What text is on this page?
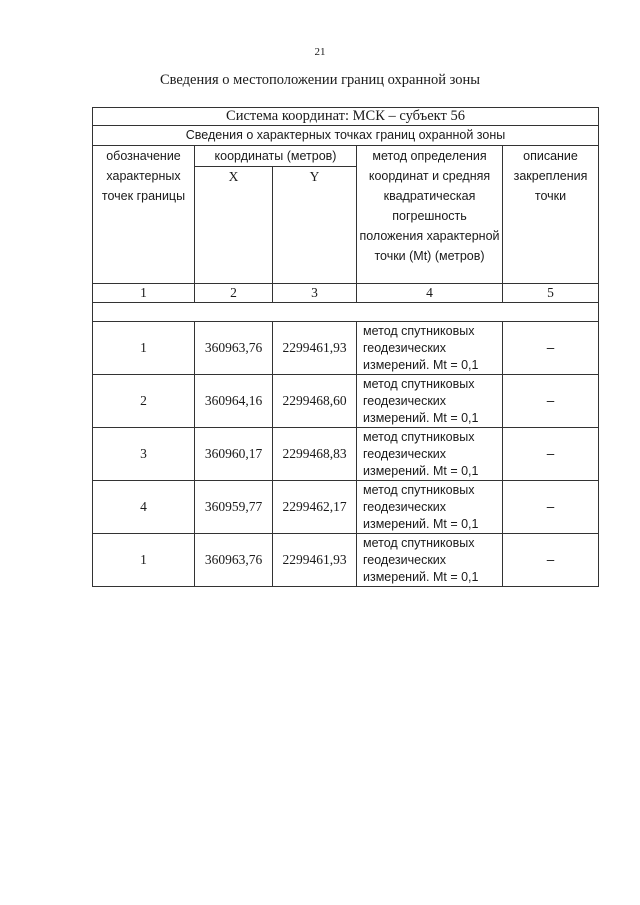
21
Сведения о местоположении границ охранной зоны
Система координат: МСК – субъект 56				
Сведения о характерных точках границ охранной зоны				
обозначение характерных точек границы	координаты (метров)		метод определения координат и средняя квадратическая погрешность положения характерной точки (Mt) (метров)	описание закрепления точки
	X	Y		
1	2	3	4	5

1	360963,76	2299461,93	метод спутниковых геодезических измерений. Mt = 0,1	–
2	360964,16	2299468,60	метод спутниковых геодезических измерений. Mt = 0,1	–
3	360960,17	2299468,83	метод спутниковых геодезических измерений. Mt = 0,1	–
4	360959,77	2299462,17	метод спутниковых геодезических измерений. Mt = 0,1	–
1	360963,76	2299461,93	метод спутниковых геодезических измерений. Mt = 0,1	–
